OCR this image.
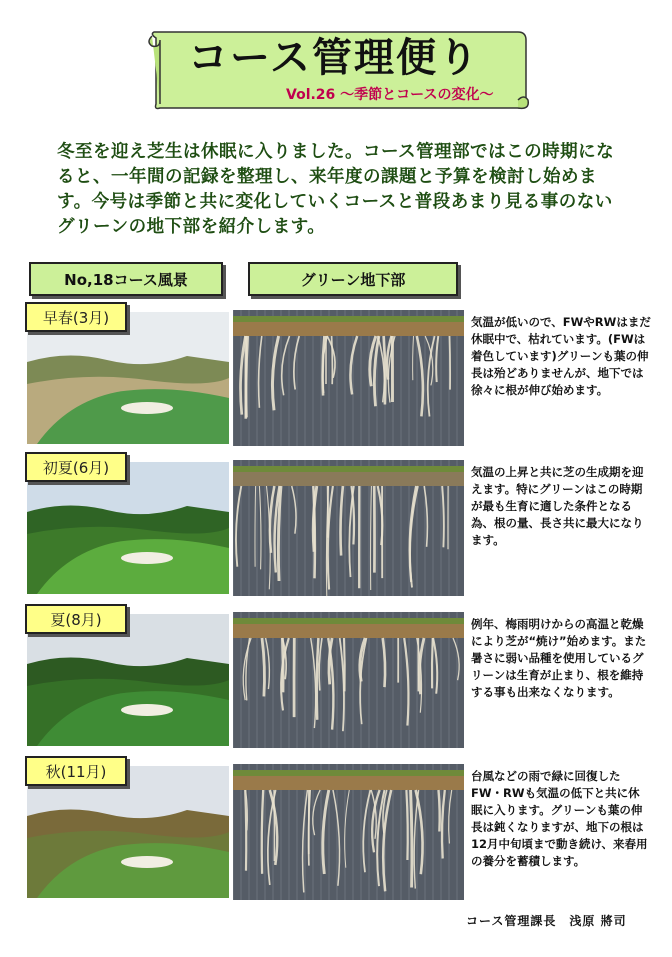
コース管理便り
Vol.26 ～季節とコースの変化～
冬至を迎え芝生は休眠に入りました。コース管理部ではこの時期になると、一年間の記録を整理し、来年度の課題と予算を検討し始めます。今号は季節と共に変化していくコースと普段あまり見る事のないグリーンの地下部を紹介します。
No,18コース風景	グリーン地下部
早春(3月)	気温が低いので、FWやRWはまだ休眠中で、枯れています。(FWは着色しています)グリーンも葉の伸長は殆どありませんが、地下では徐々に根が伸び始めます。
初夏(6月)	気温の上昇と共に芝の生成期を迎えます。特にグリーンはこの時期が最も生育に適した条件となる為、根の量、長さ共に最大になります。
夏(8月)	例年、梅雨明けからの高温と乾燥により芝が“焼け”始めます。また暑さに弱い品種を使用しているグリーンは生育が止まり、根を維持する事も出来なくなります。
秋(11月)	台風などの雨で緑に回復したFW・RWも気温の低下と共に休眠に入ります。グリーンも葉の伸長は鈍くなりますが、地下の根は12月中旬頃まで動き続け、来春用の養分を蓄積します。
コース管理課長　浅原 將司
